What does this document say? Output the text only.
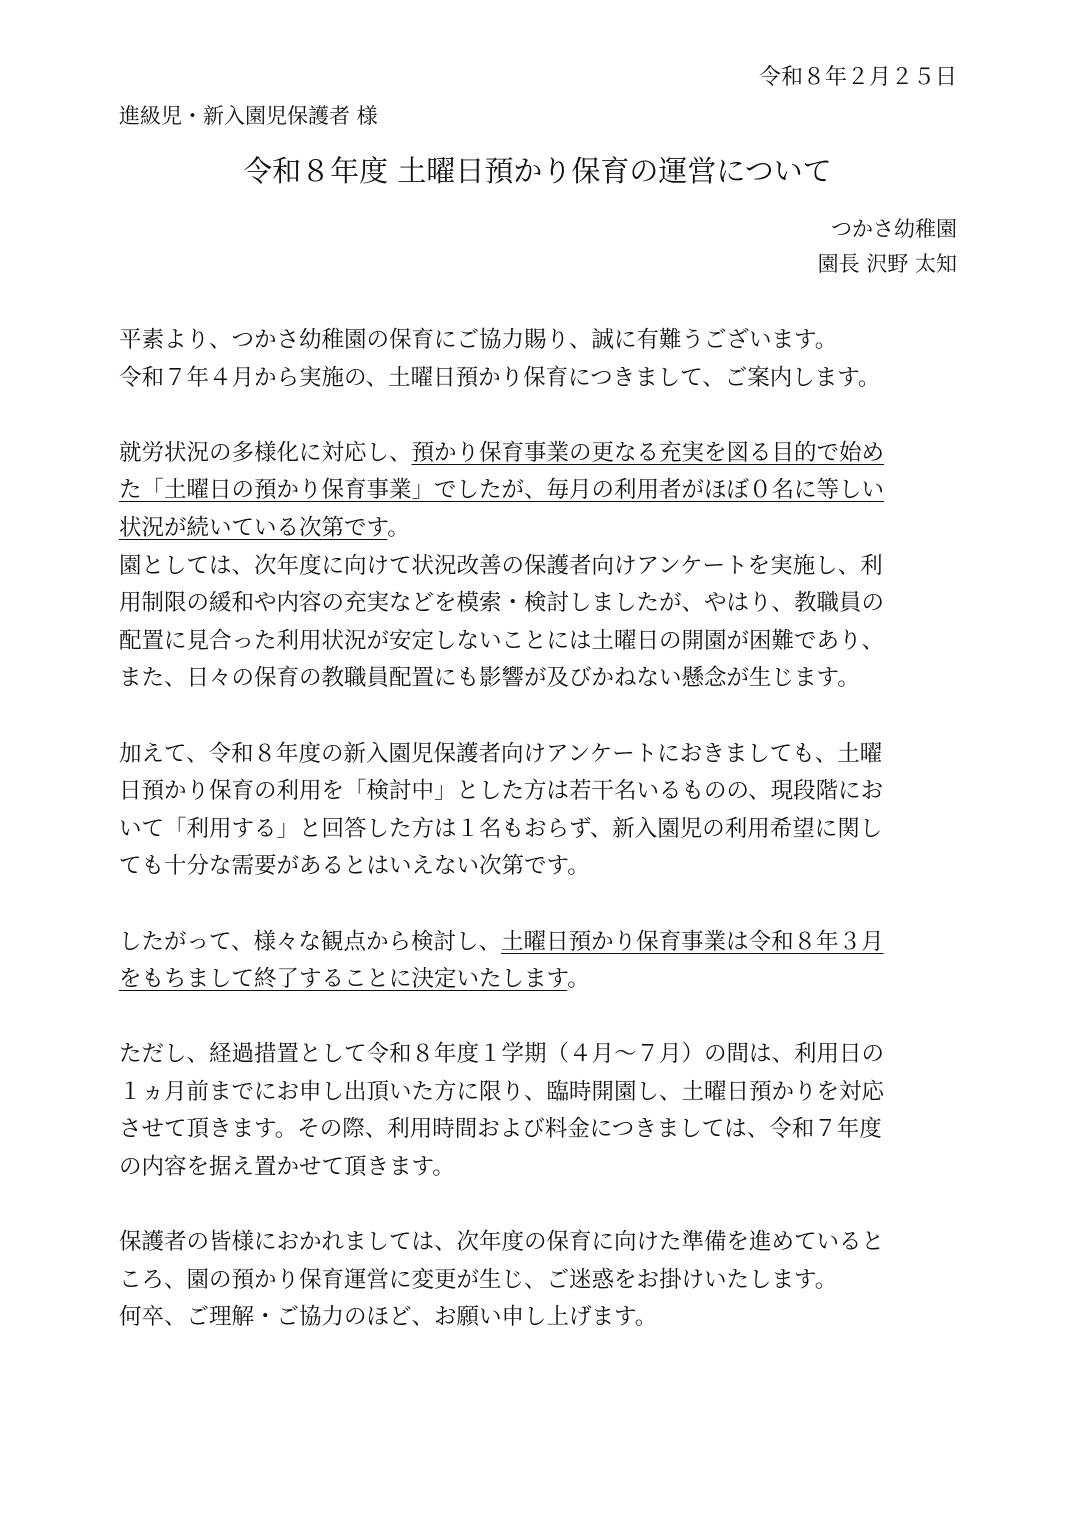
令和８年２月２５日
進級児・新入園児保護者 様
令和８年度 土曜日預かり保育の運営について
つかさ幼稚園
園長 沢野 太知
平素より、つかさ幼稚園の保育にご協力賜り、誠に有難うございます。
令和７年４月から実施の、土曜日預かり保育につきまして、ご案内します。
就労状況の多様化に対応し、預かり保育事業の更なる充実を図る目的で始め
た「土曜日の預かり保育事業」でしたが、毎月の利用者がほぼ０名に等しい
状況が続いている次第です。
園としては、次年度に向けて状況改善の保護者向けアンケートを実施し、利
用制限の緩和や内容の充実などを模索・検討しましたが、やはり、教職員の
配置に見合った利用状況が安定しないことには土曜日の開園が困難であり、
また、日々の保育の教職員配置にも影響が及びかねない懸念が生じます。
加えて、令和８年度の新入園児保護者向けアンケートにおきましても、土曜
日預かり保育の利用を「検討中」とした方は若干名いるものの、現段階にお
いて「利用する」と回答した方は１名もおらず、新入園児の利用希望に関し
ても十分な需要があるとはいえない次第です。
したがって、様々な観点から検討し、土曜日預かり保育事業は令和８年３月
をもちまして終了することに決定いたします。
ただし、経過措置として令和８年度１学期（４月～７月）の間は、利用日の
１ヵ月前までにお申し出頂いた方に限り、臨時開園し、土曜日預かりを対応
させて頂きます。その際、利用時間および料金につきましては、令和７年度
の内容を据え置かせて頂きます。
保護者の皆様におかれましては、次年度の保育に向けた準備を進めていると
ころ、園の預かり保育運営に変更が生じ、ご迷惑をお掛けいたします。
何卒、ご理解・ご協力のほど、お願い申し上げます。
